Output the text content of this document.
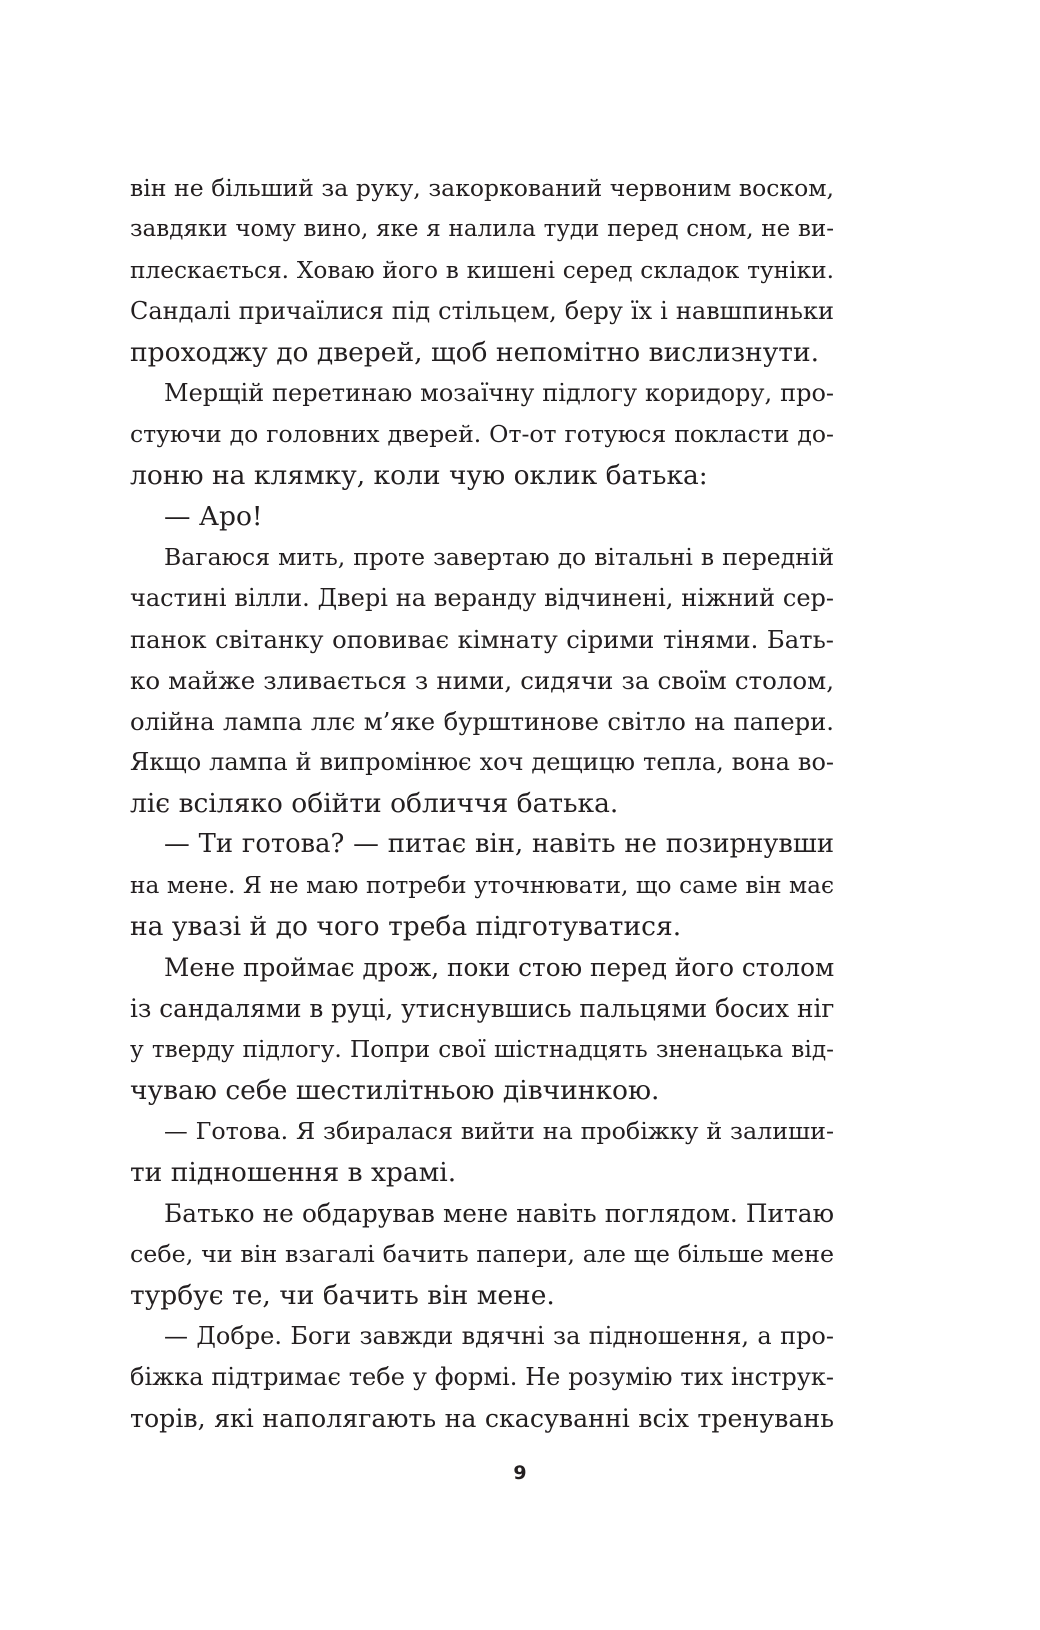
він не більший за руку, закоркований червоним воском,
завдяки чому вино, яке я налила туди перед сном, не ви-
плескається. Ховаю його в кишені серед складок туніки.
Сандалі причаїлися під стільцем, беру їх і навшпиньки
проходжу до дверей, щоб непомітно вислизнути.
Мерщій перетинаю мозаїчну підлогу коридору, про-
стуючи до головних дверей. От-от готуюся покласти до-
лоню на клямку, коли чую оклик батька:
— Аро!
Вагаюся мить, проте завертаю до вітальні в передній
частині вілли. Двері на веранду відчинені, ніжний сер-
панок світанку оповиває кімнату сірими тінями. Бать-
ко майже зливається з ними, сидячи за своїм столом,
олійна лампа ллє м’яке бурштинове світло на папери.
Якщо лампа й випромінює хоч дещицю тепла, вона во-
ліє всіляко обійти обличчя батька.
— Ти готова? — питає він, навіть не позирнувши
на мене. Я не маю потреби уточнювати, що саме він має
на увазі й до чого треба підготуватися.
Мене проймає дрож, поки стою перед його столом
із сандалями в руці, утиснувшись пальцями босих ніг
у тверду підлогу. Попри свої шістнадцять зненацька від-
чуваю себе шестилітньою дівчинкою.
— Готова. Я збиралася вийти на пробіжку й залиши-
ти підношення в храмі.
Батько не обдарував мене навіть поглядом. Питаю
себе, чи він взагалі бачить папери, але ще більше мене
турбує те, чи бачить він мене.
— Добре. Боги завжди вдячні за підношення, а про-
біжка підтримає тебе у формі. Не розумію тих інструк-
торів, які наполягають на скасуванні всіх тренувань
9
